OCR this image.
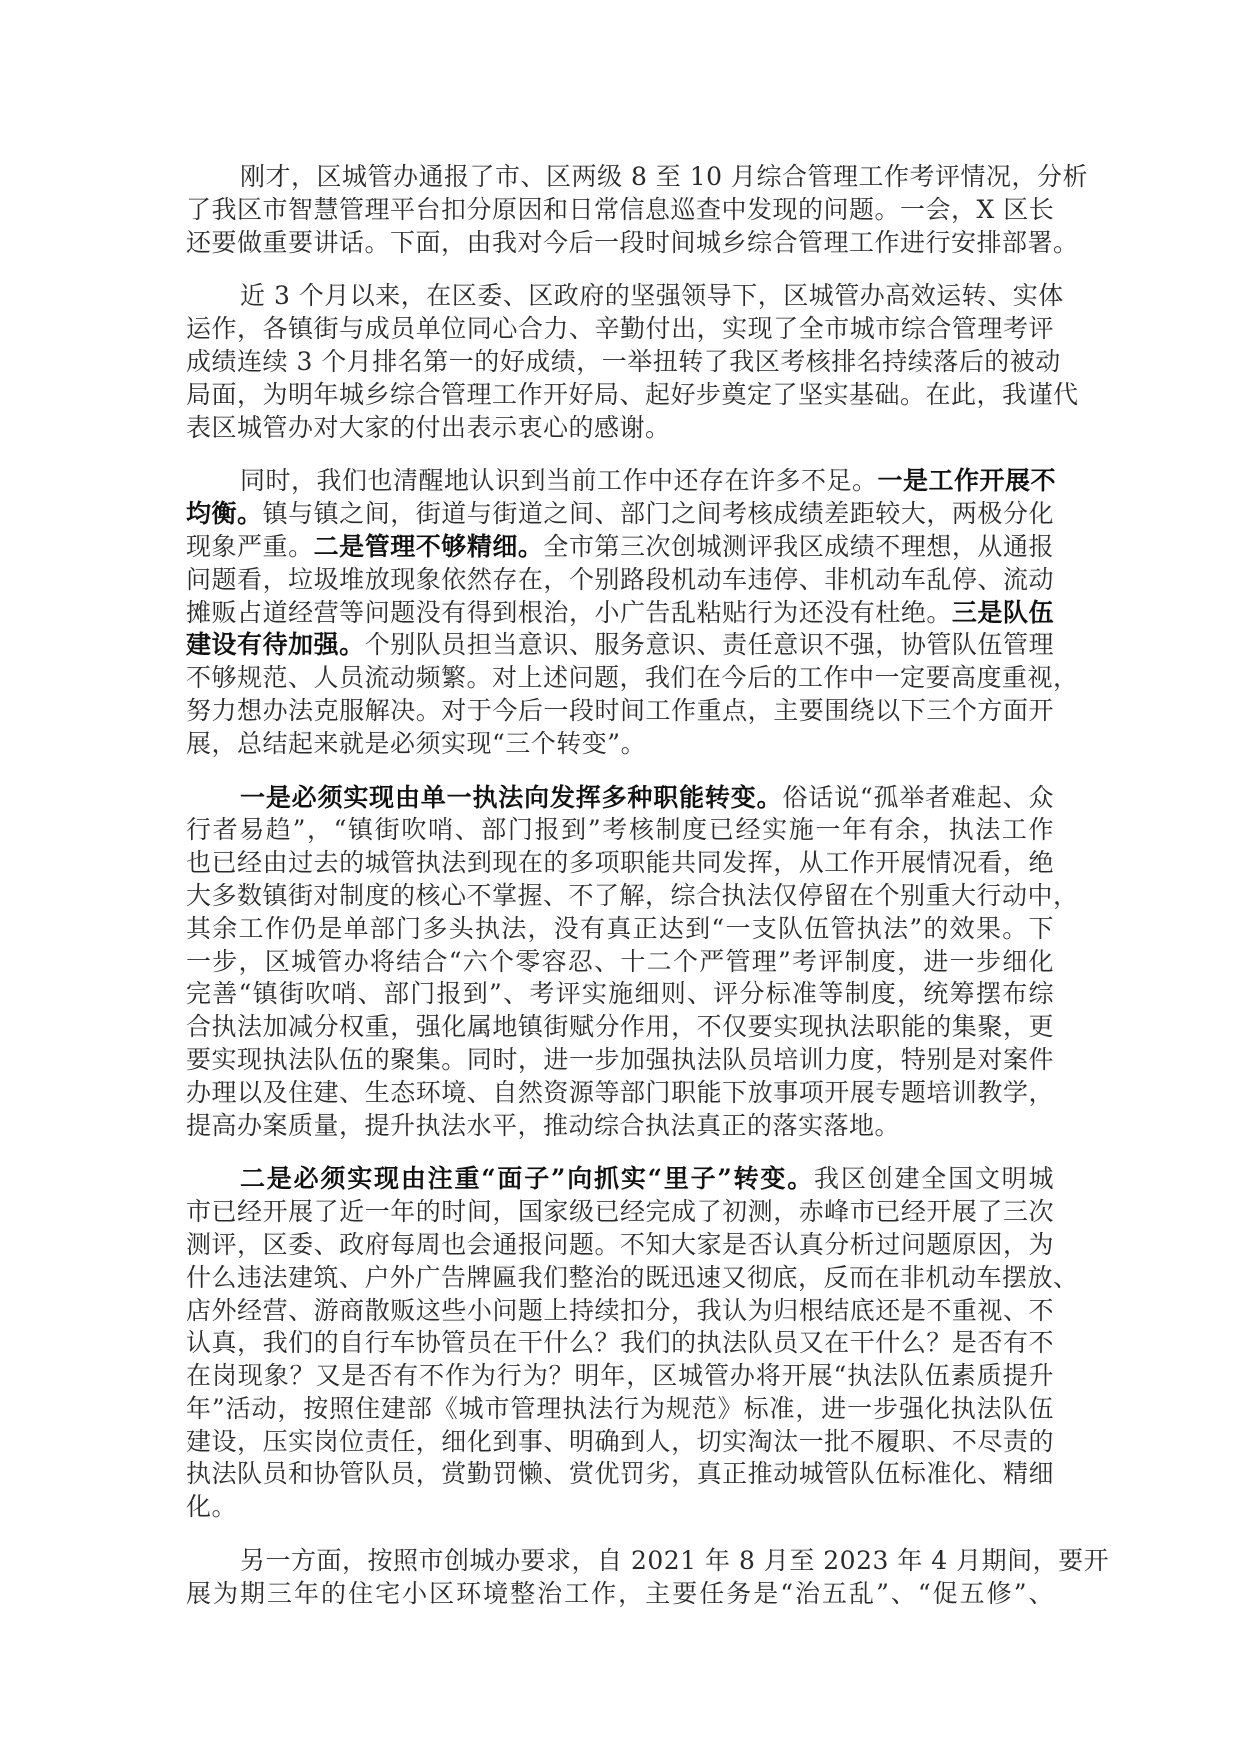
刚才，区城管办通报了市、区两级 8 至 10 月综合管理工作考评情况，分析
了我区市智慧管理平台扣分原因和日常信息巡查中发现的问题。一会，X 区长
还要做重要讲话。下面，由我对今后一段时间城乡综合管理工作进行安排部署。
近 3 个月以来，在区委、区政府的坚强领导下，区城管办高效运转、实体
运作，各镇街与成员单位同心合力、辛勤付出，实现了全市城市综合管理考评
成绩连续 3 个月排名第一的好成绩，一举扭转了我区考核排名持续落后的被动
局面，为明年城乡综合管理工作开好局、起好步奠定了坚实基础。在此，我谨代
表区城管办对大家的付出表示衷心的感谢。
同时，我们也清醒地认识到当前工作中还存在许多不足。一是工作开展不
均衡。镇与镇之间，街道与街道之间、部门之间考核成绩差距较大，两极分化
现象严重。二是管理不够精细。全市第三次创城测评我区成绩不理想，从通报
问题看，垃圾堆放现象依然存在，个别路段机动车违停、非机动车乱停、流动
摊贩占道经营等问题没有得到根治，小广告乱粘贴行为还没有杜绝。三是队伍
建设有待加强。个别队员担当意识、服务意识、责任意识不强，协管队伍管理
不够规范、人员流动频繁。对上述问题，我们在今后的工作中一定要高度重视，
努力想办法克服解决。对于今后一段时间工作重点，主要围绕以下三个方面开
展，总结起来就是必须实现“三个转变”。
一是必须实现由单一执法向发挥多种职能转变。俗话说“孤举者难起、众
行者易趋”，“镇街吹哨、部门报到”考核制度已经实施一年有余，执法工作
也已经由过去的城管执法到现在的多项职能共同发挥，从工作开展情况看，绝
大多数镇街对制度的核心不掌握、不了解，综合执法仅停留在个别重大行动中，
其余工作仍是单部门多头执法，没有真正达到“一支队伍管执法”的效果。下
一步，区城管办将结合“六个零容忍、十二个严管理”考评制度，进一步细化
完善“镇街吹哨、部门报到”、考评实施细则、评分标准等制度，统筹摆布综
合执法加减分权重，强化属地镇街赋分作用，不仅要实现执法职能的集聚，更
要实现执法队伍的聚集。同时，进一步加强执法队员培训力度，特别是对案件
办理以及住建、生态环境、自然资源等部门职能下放事项开展专题培训教学，
提高办案质量，提升执法水平，推动综合执法真正的落实落地。
二是必须实现由注重“面子”向抓实“里子”转变。我区创建全国文明城
市已经开展了近一年的时间，国家级已经完成了初测，赤峰市已经开展了三次
测评，区委、政府每周也会通报问题。不知大家是否认真分析过问题原因，为
什么违法建筑、户外广告牌匾我们整治的既迅速又彻底，反而在非机动车摆放、
店外经营、游商散贩这些小问题上持续扣分，我认为归根结底还是不重视、不
认真，我们的自行车协管员在干什么？我们的执法队员又在干什么？是否有不
在岗现象？又是否有不作为行为？明年，区城管办将开展“执法队伍素质提升
年”活动，按照住建部《城市管理执法行为规范》标准，进一步强化执法队伍
建设，压实岗位责任，细化到事、明确到人，切实淘汰一批不履职、不尽责的
执法队员和协管队员，赏勤罚懒、赏优罚劣，真正推动城管队伍标准化、精细
化。
另一方面，按照市创城办要求，自 2021 年 8 月至 2023 年 4 月期间，要开
展为期三年的住宅小区环境整治工作，主要任务是“治五乱”、“促五修”、
